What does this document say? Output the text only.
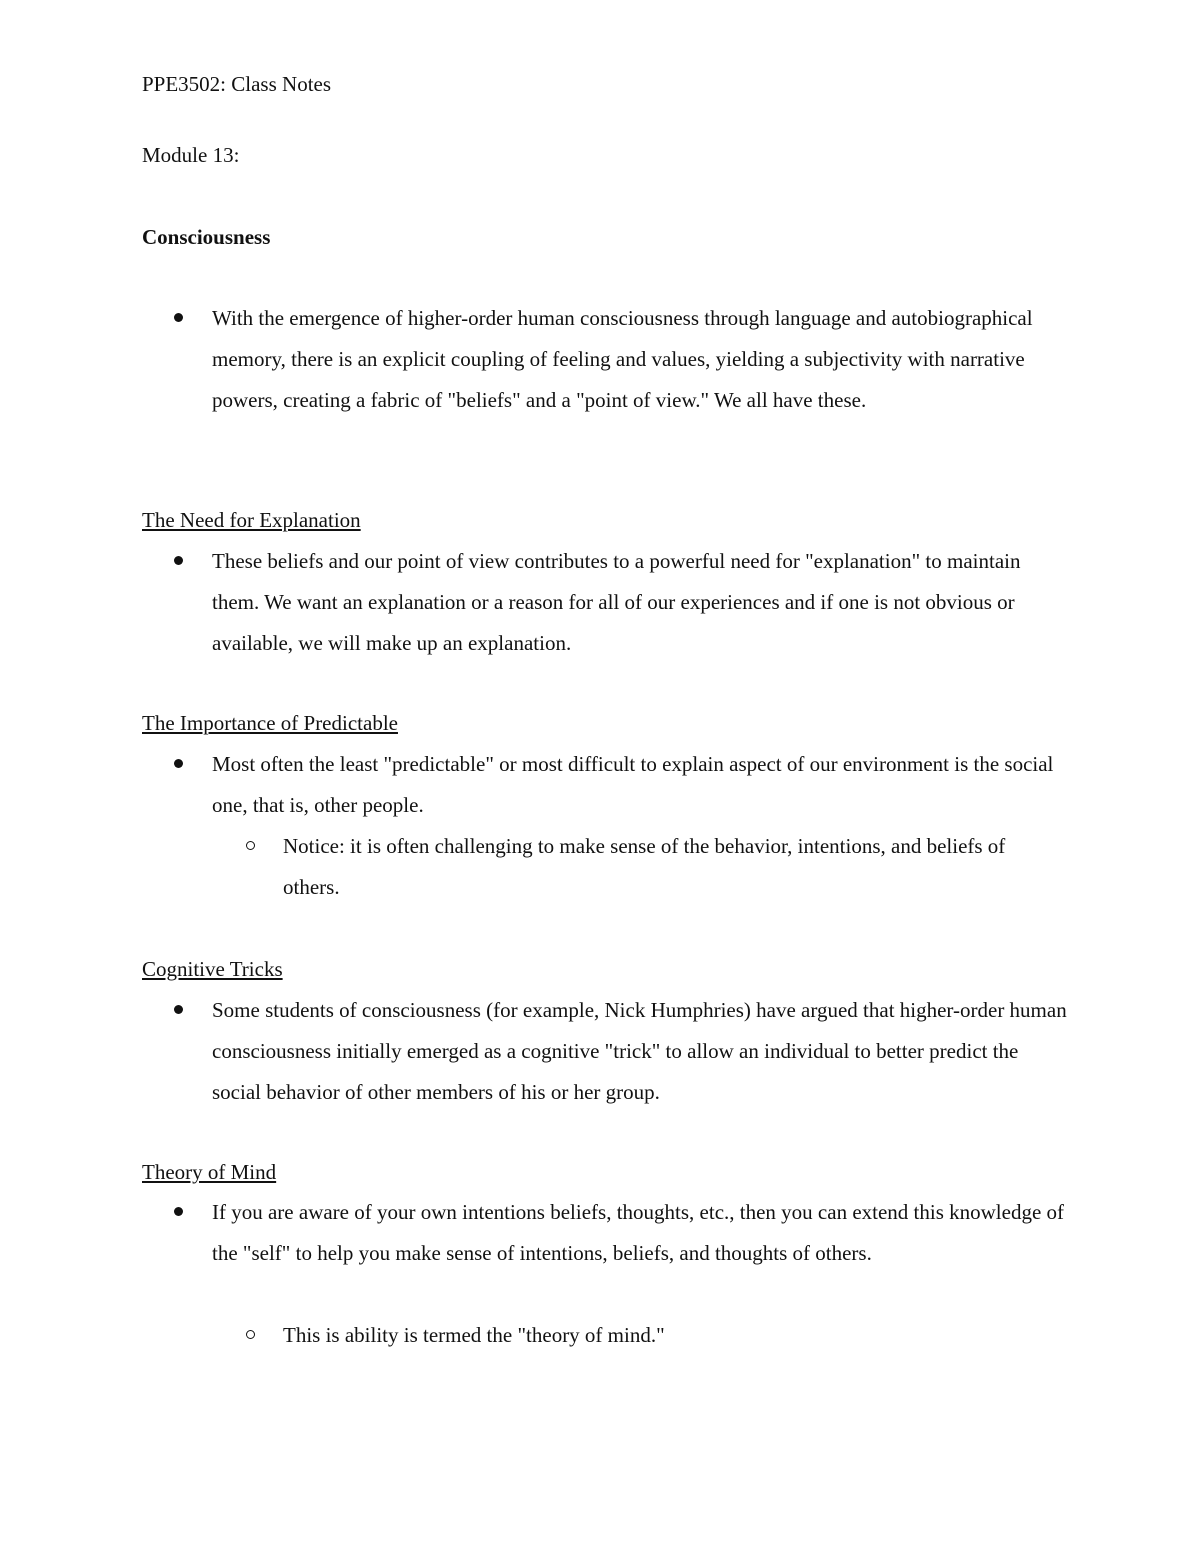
PPE3502: Class Notes

Module 13:

Consciousness

With the emergence of higher-order human consciousness through language and autobiographical memory, there is an explicit coupling of feeling and values, yielding a subjectivity with narrative powers, creating a fabric of "beliefs" and a "point of view." We all have these.

The Need for Explanation

These beliefs and our point of view contributes to a powerful need for "explanation" to maintain them. We want an explanation or a reason for all of our experiences and if one is not obvious or available, we will make up an explanation.

The Importance of Predictable

Most often the least "predictable" or most difficult to explain aspect of our environment is the social one, that is, other people.
Notice: it is often challenging to make sense of the behavior, intentions, and beliefs of others.

Cognitive Tricks

Some students of consciousness (for example, Nick Humphries) have argued that higher-order human consciousness initially emerged as a cognitive "trick" to allow an individual to better predict the social behavior of other members of his or her group.

Theory of Mind

If you are aware of your own intentions beliefs, thoughts, etc., then you can extend this knowledge of the "self" to help you make sense of intentions, beliefs, and thoughts of others.
This is ability is termed the "theory of mind."
